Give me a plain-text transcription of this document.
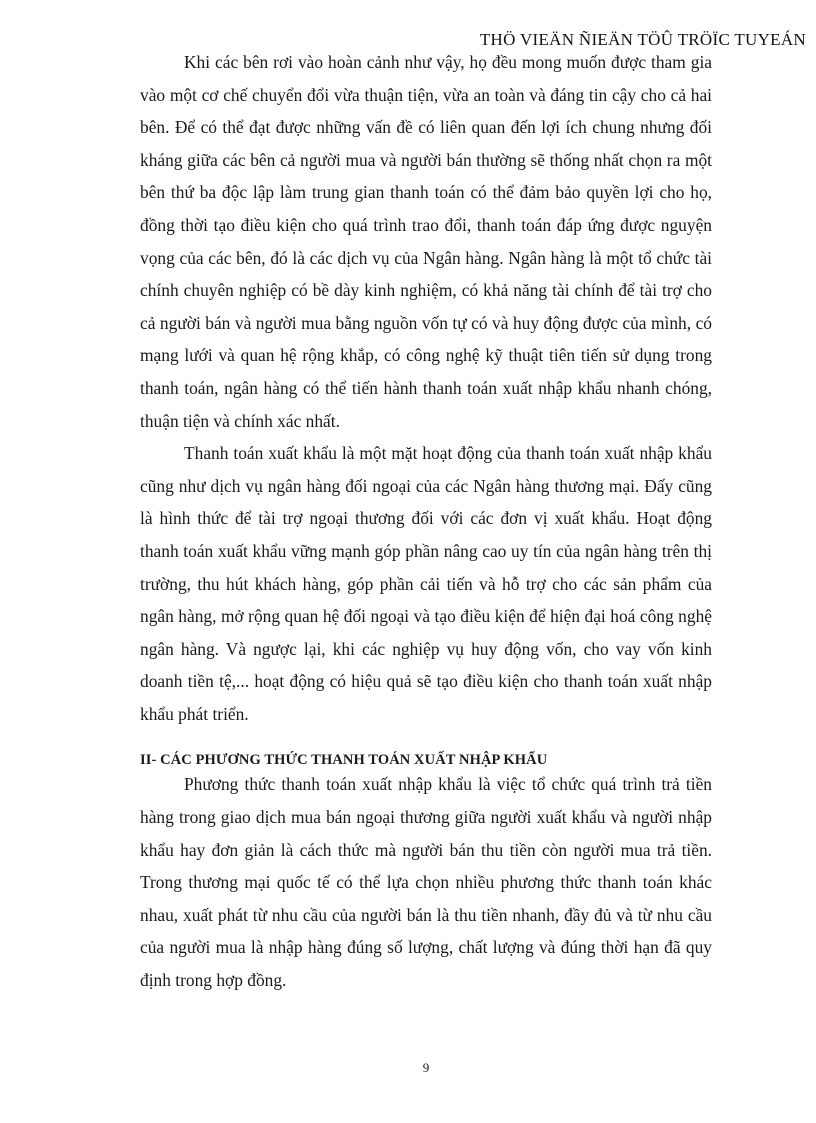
THÖ VIEÄN ÑIEÄN TÖÛ TRÖÏC TUYEÁN

Khi các bên rơi vào hoàn cảnh như vậy, họ đều mong muốn được tham gia vào một cơ chế chuyển đổi vừa thuận tiện, vừa an toàn và đáng tin cậy cho cả hai bên. Để có thể đạt được những vấn đề có liên quan đến lợi ích chung nhưng đối kháng giữa các bên cả người mua và người bán thường sẽ thống nhất chọn ra một bên thứ ba độc lập làm trung gian thanh toán có thể đảm bảo quyền lợi cho họ, đồng thời tạo điều kiện cho quá trình trao đổi, thanh toán đáp ứng được nguyện vọng của các bên, đó là các dịch vụ của Ngân hàng. Ngân hàng là một tổ chức tài chính chuyên nghiệp có bề dày kinh nghiệm, có khả năng tài chính để tài trợ cho cả người bán và người mua bằng nguồn vốn tự có và huy động được của mình, có mạng lưới và quan hệ rộng khắp, có công nghệ kỹ thuật tiên tiến sử dụng trong thanh toán, ngân hàng có thể tiến hành thanh toán xuất nhập khẩu nhanh chóng, thuận tiện và chính xác nhất.

Thanh toán xuất khẩu là một mặt hoạt động của thanh toán xuất nhập khẩu cũng như dịch vụ ngân hàng đối ngoại của các Ngân hàng thương mại. Đấy cũng là hình thức để tài trợ ngoại thương đối với các đơn vị xuất khẩu. Hoạt động thanh toán xuất khẩu vững mạnh góp phần nâng cao uy tín của ngân hàng trên thị trường, thu hút khách hàng, góp phần cải tiến và hỗ trợ cho các sản phẩm của ngân hàng, mở rộng quan hệ đối ngoại và tạo điều kiện để hiện đại hoá công nghệ ngân hàng. Và ngược lại, khi các nghiệp vụ huy động vốn, cho vay vốn kinh doanh tiền tệ,... hoạt động có hiệu quả sẽ tạo điều kiện cho thanh toán xuất nhập khẩu phát triển.

II- CÁC PHƯƠNG THỨC THANH TOÁN XUẤT NHẬP KHẨU

Phương thức thanh toán xuất nhập khẩu là việc tổ chức quá trình trả tiền hàng trong giao dịch mua bán ngoại thương giữa người xuất khẩu và người nhập khẩu hay đơn giản là cách thức mà người bán thu tiền còn người mua trả tiền. Trong thương mại quốc tế có thể lựa chọn nhiều phương thức thanh toán khác nhau, xuất phát từ nhu cầu của người bán là thu tiền nhanh, đầy đủ và từ nhu cầu của người mua là nhập hàng đúng số lượng, chất lượng và đúng thời hạn đã quy định trong hợp đồng.

9
